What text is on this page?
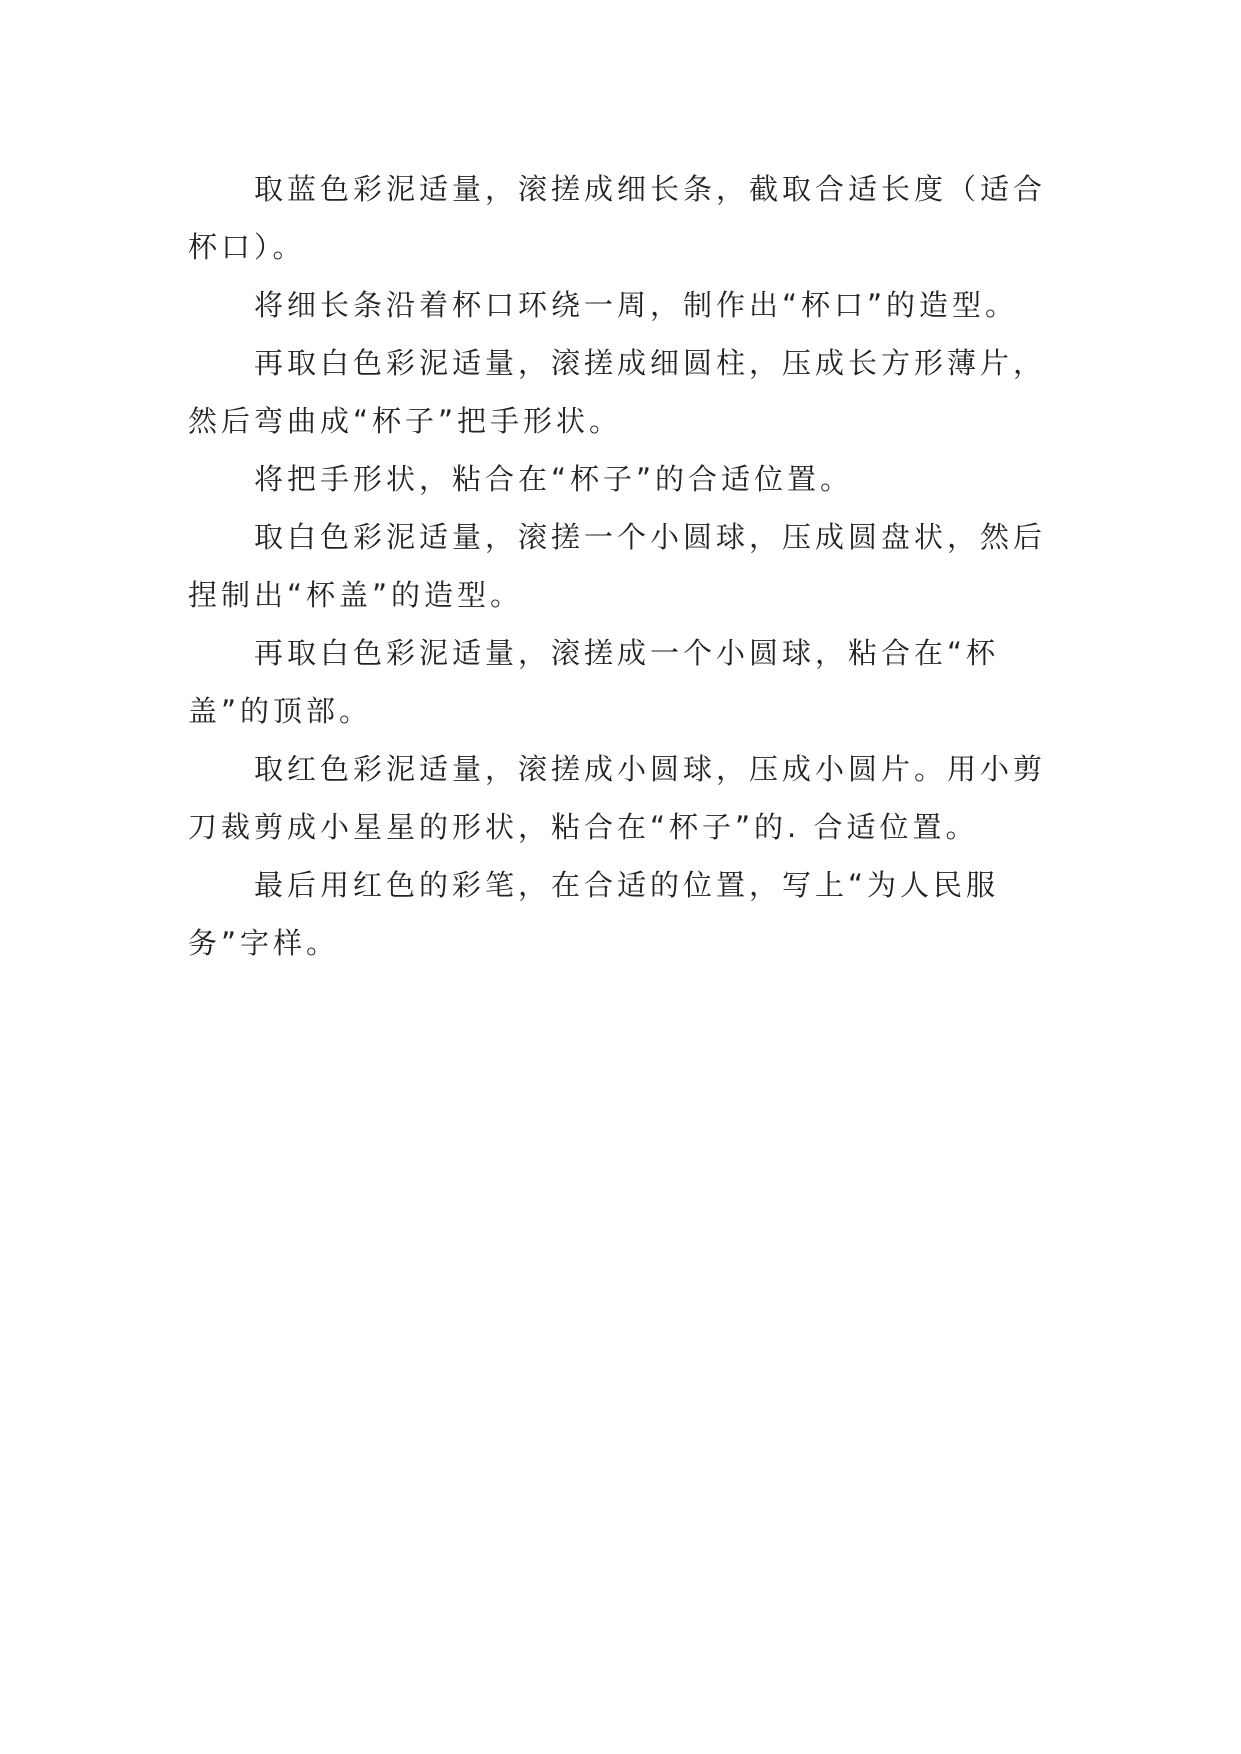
取蓝色彩泥适量，滚搓成细长条，截取合适长度（适合杯口）。

将细长条沿着杯口环绕一周，制作出“杯口”的造型。

再取白色彩泥适量，滚搓成细圆柱，压成长方形薄片，然后弯曲成“杯子”把手形状。

将把手形状，粘合在“杯子”的合适位置。

取白色彩泥适量，滚搓一个小圆球，压成圆盘状，然后捏制出“杯盖”的造型。

再取白色彩泥适量，滚搓成一个小圆球，粘合在“杯盖”的顶部。

取红色彩泥适量，滚搓成小圆球，压成小圆片。用小剪刀裁剪成小星星的形状，粘合在“杯子”的. 合适位置。

最后用红色的彩笔，在合适的位置，写上“为人民服务”字样。
